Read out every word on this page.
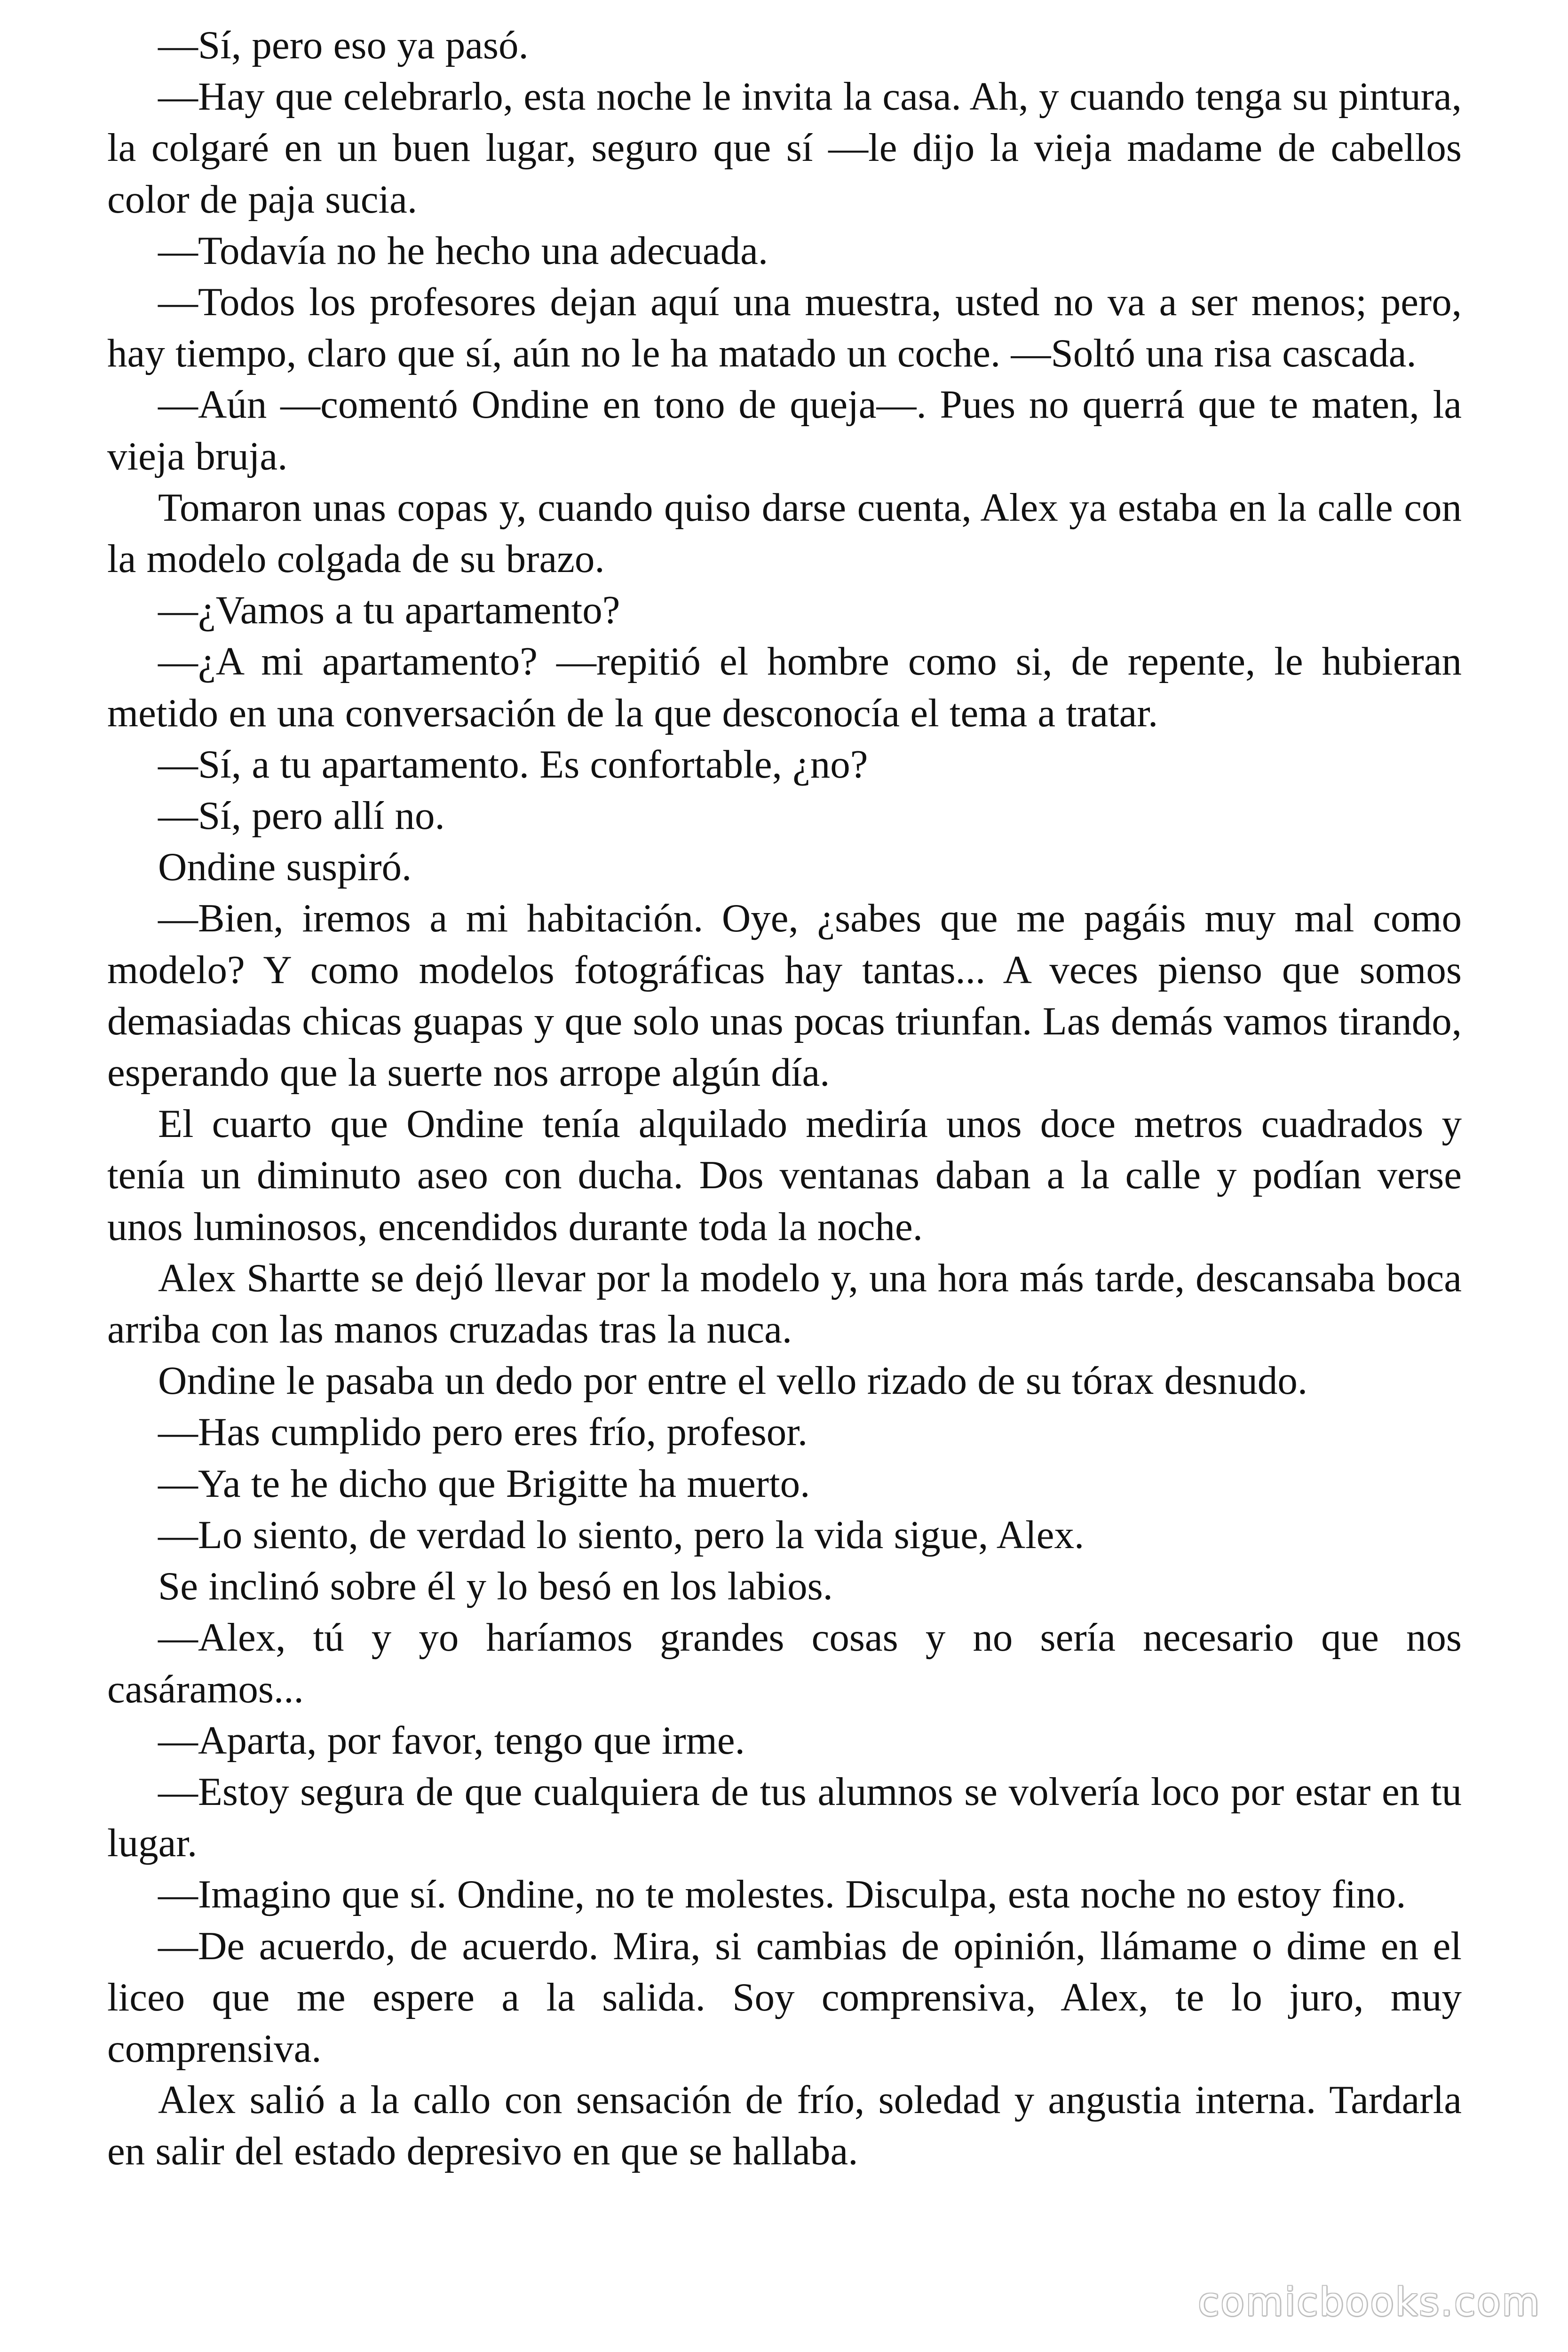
—Sí, pero eso ya pasó.

—Hay que celebrarlo, esta noche le invita la casa. Ah, y cuando tenga su pintura, la colgaré en un buen lugar, seguro que sí —le dijo la vieja madame de cabellos color de paja sucia.

—Todavía no he hecho una adecuada.

—Todos los profesores dejan aquí una muestra, usted no va a ser menos; pero, hay tiempo, claro que sí, aún no le ha matado un coche. —Soltó una risa cascada.

—Aún —comentó Ondine en tono de queja—. Pues no querrá que te maten, la vieja bruja.

Tomaron unas copas y, cuando quiso darse cuenta, Alex ya estaba en la calle con la modelo colgada de su brazo.

—¿Vamos a tu apartamento?

—¿A mi apartamento? —repitió el hombre como si, de repente, le hubieran metido en una conversación de la que desconocía el tema a tratar.

—Sí, a tu apartamento. Es confortable, ¿no?

—Sí, pero allí no.

Ondine suspiró.

—Bien, iremos a mi habitación. Oye, ¿sabes que me pagáis muy mal como modelo? Y como modelos fotográficas hay tantas... A veces pienso que somos demasiadas chicas guapas y que solo unas pocas triunfan. Las demás vamos tirando, esperando que la suerte nos arrope algún día.

El cuarto que Ondine tenía alquilado mediría unos doce metros cuadrados y tenía un diminuto aseo con ducha. Dos ventanas daban a la calle y podían verse unos luminosos, encendidos durante toda la noche.

Alex Shartte se dejó llevar por la modelo y, una hora más tarde, descansaba boca arriba con las manos cruzadas tras la nuca.

Ondine le pasaba un dedo por entre el vello rizado de su tórax desnudo.

—Has cumplido pero eres frío, profesor.

—Ya te he dicho que Brigitte ha muerto.

—Lo siento, de verdad lo siento, pero la vida sigue, Alex.

Se inclinó sobre él y lo besó en los labios.

—Alex, tú y yo haríamos grandes cosas y no sería necesario que nos casáramos...

—Aparta, por favor, tengo que irme.

—Estoy segura de que cualquiera de tus alumnos se volvería loco por estar en tu lugar.

—Imagino que sí. Ondine, no te molestes. Disculpa, esta noche no estoy fino.

—De acuerdo, de acuerdo. Mira, si cambias de opinión, llámame o dime en el liceo que me espere a la salida. Soy comprensiva, Alex, te lo juro, muy comprensiva.

Alex salió a la callo con sensación de frío, soledad y angustia interna. Tardarla en salir del estado depresivo en que se hallaba.

comicbooks.com
